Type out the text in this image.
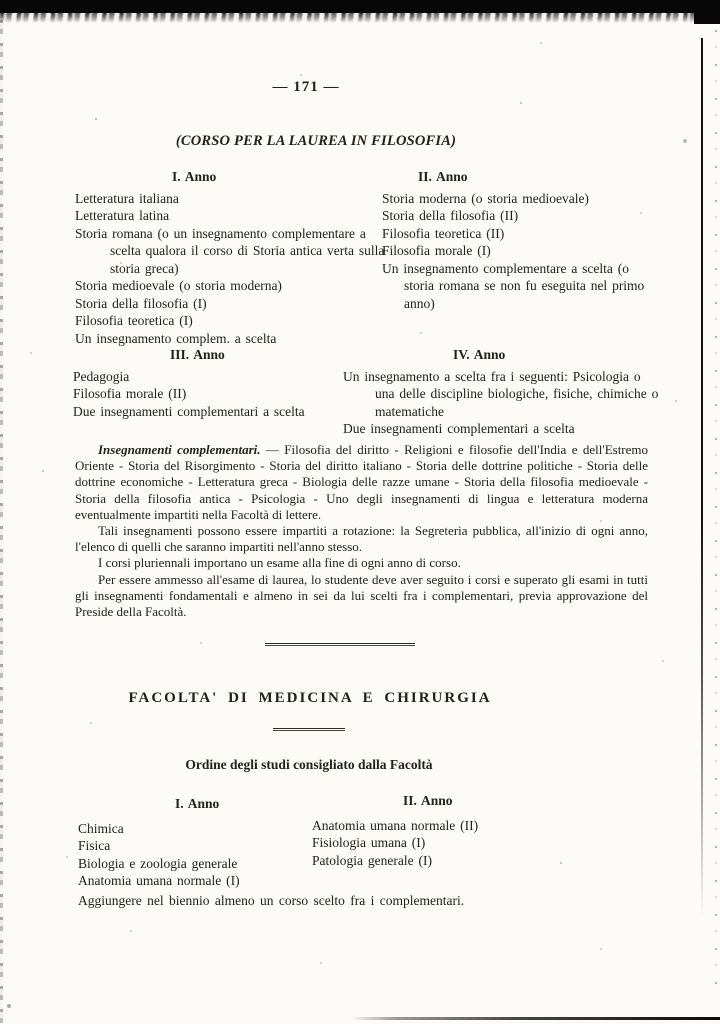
— 171 —
(CORSO PER LA LAUREA IN FILOSOFIA)
I. Anno
Letteratura italiana
Letteratura latina
Storia romana (o un insegnamento complementare a scelta qualora il corso di Storia antica verta sulla storia greca)
Storia medioevale (o storia moderna)
Storia della filosofia (I)
Filosofia teoretica (I)
Un insegnamento complem. a scelta
II. Anno
Storia moderna (o storia medioevale)
Storia della filosofia (II)
Filosofia teoretica (II)
Filosofia morale (I)
Un insegnamento complementare a scelta (o storia romana se non fu eseguita nel primo anno)
III. Anno
Pedagogia
Filosofia morale (II)
Due insegnamenti complementari a scelta
IV. Anno
Un insegnamento a scelta fra i seguenti: Psicologia o una delle discipline biologiche, fisiche, chimiche o matematiche
Due insegnamenti complementari a scelta

Insegnamenti complementari. — Filosofia del diritto - Religioni e filosofie dell'India e dell'Estremo Oriente - Storia del Risorgimento - Storia del diritto italiano - Storia delle dottrine politiche - Storia delle dottrine economiche - Letteratura greca - Biologia delle razze umane - Storia della filosofia medioevale - Storia della filosofia antica - Psicologia - Uno degli insegnamenti di lingua e letteratura moderna eventualmente impartiti nella Facoltà di lettere.

Tali insegnamenti possono essere impartiti a rotazione: la Segreteria pubblica, all'inizio di ogni anno, l'elenco di quelli che saranno impartiti nell'anno stesso.

I corsi pluriennali importano un esame alla fine di ogni anno di corso.

Per essere ammesso all'esame di laurea, lo studente deve aver seguito i corsi e superato gli esami in tutti gli insegnamenti fondamentali e almeno in sei da lui scelti fra i complementari, previa approvazione del Preside della Facoltà.

FACOLTA' DI MEDICINA E CHIRURGIA
Ordine degli studi consigliato dalla Facoltà
I. Anno
Chimica
Fisica
Biologia e zoologia generale
Anatomia umana normale (I)
II. Anno
Anatomia umana normale (II)
Fisiologia umana (I)
Patologia generale (I)
Aggiungere nel biennio almeno un corso scelto fra i complementari.
